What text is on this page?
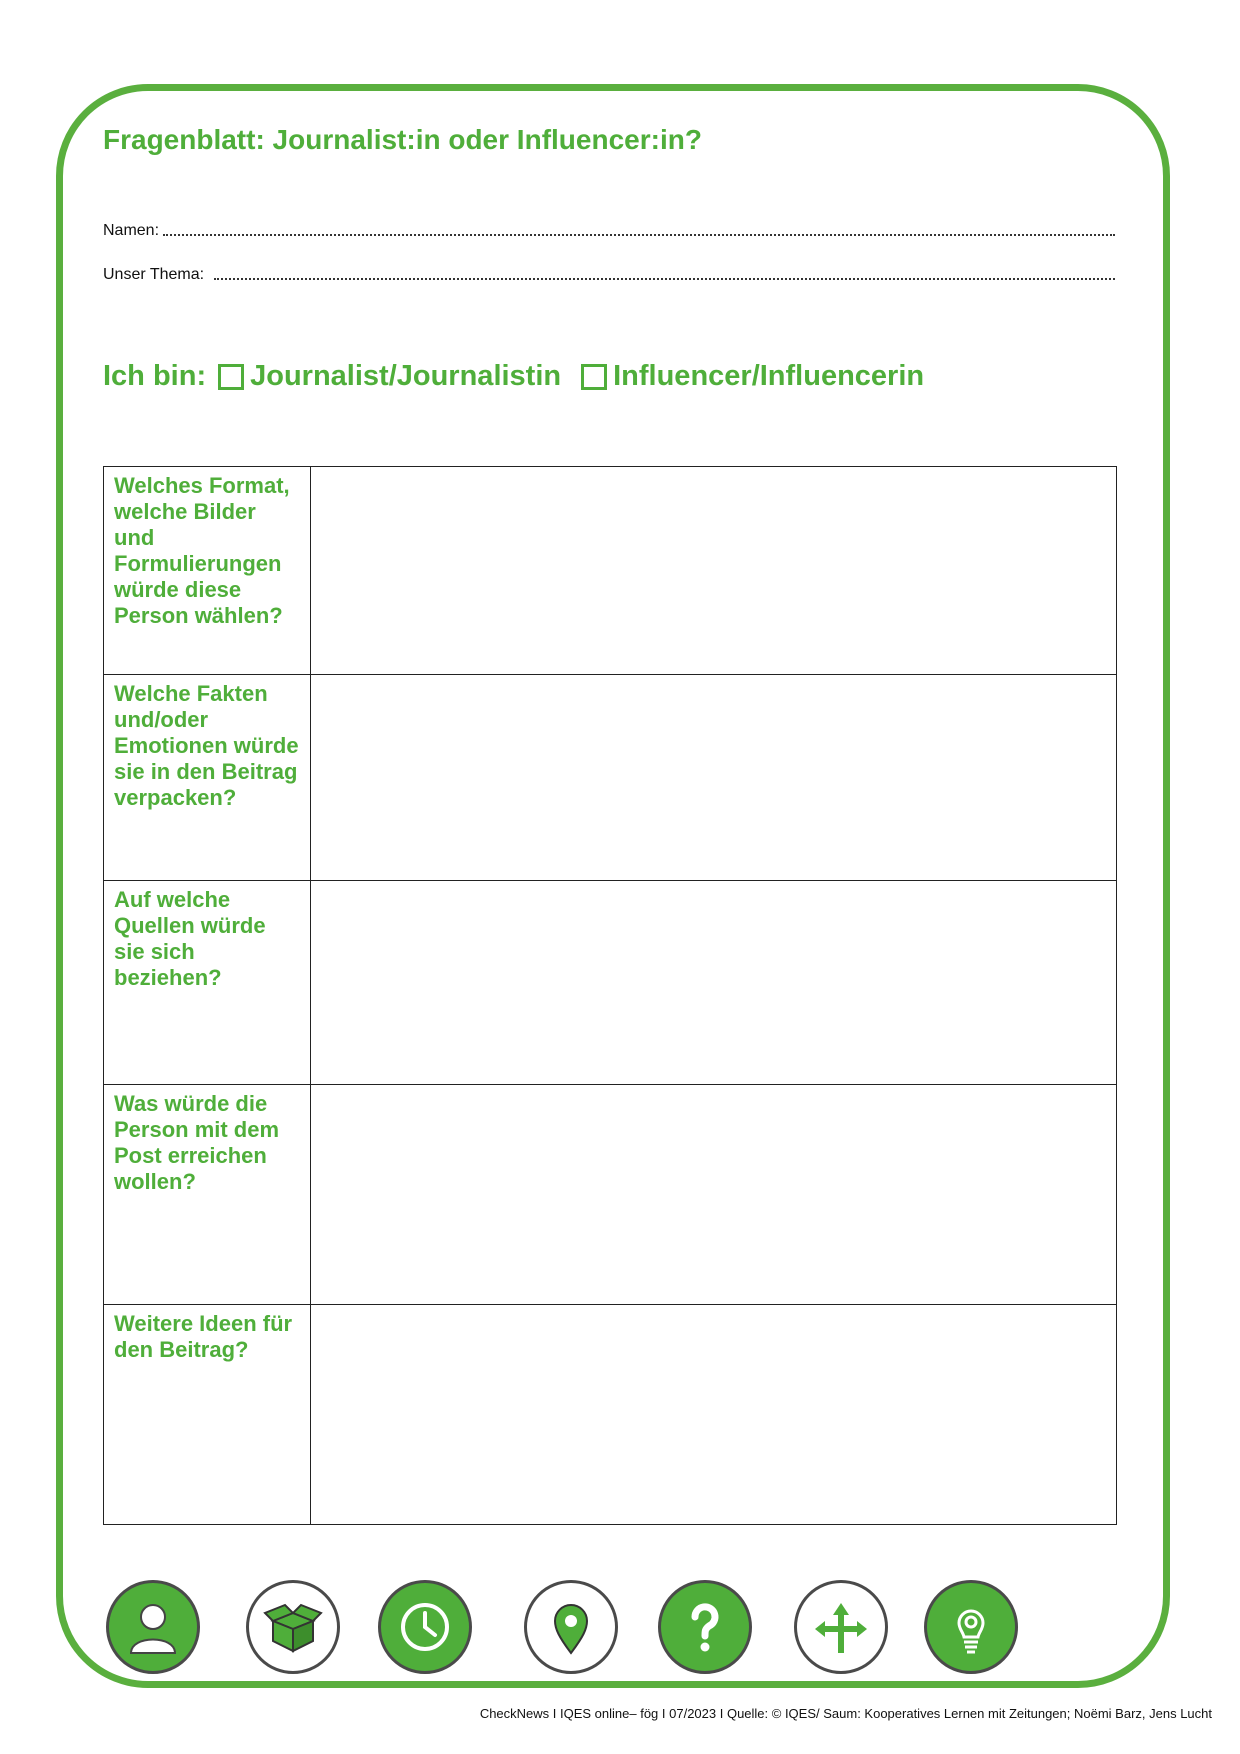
Fragenblatt: Journalist:in oder Influencer:in?
Namen:
Unser Thema:
Ich bin: Journalist/Journalistin Influencer/Influencerin
Welches Format, welche Bilder und Formulierungen würde diese Person wählen?	
Welche Fakten und/oder Emotionen würde sie in den Beitrag verpacken?	
Auf welche Quellen würde sie sich beziehen?	
Was würde die Person mit dem Post erreichen wollen?	
Weitere Ideen für den Beitrag?	
CheckNews I IQES online– fög I 07/2023 I Quelle: © IQES/ Saum: Kooperatives Lernen mit Zeitungen; Noëmi Barz, Jens Lucht
